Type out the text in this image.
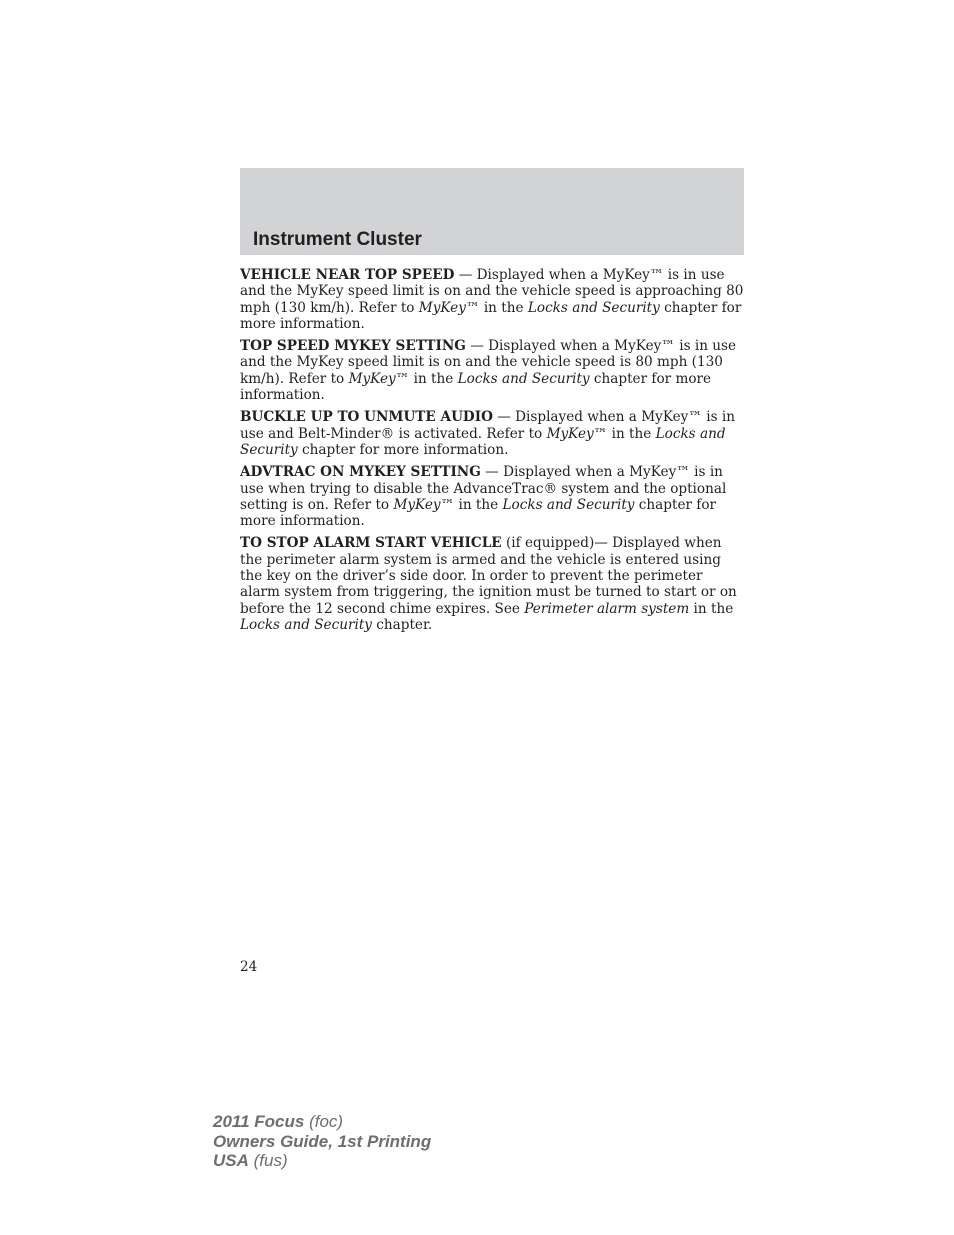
Instrument Cluster

VEHICLE NEAR TOP SPEED — Displayed when a MyKey™ is in use and the MyKey speed limit is on and the vehicle speed is approaching 80 mph (130 km/h). Refer to MyKey™ in the Locks and Security chapter for more information.

TOP SPEED MYKEY SETTING — Displayed when a MyKey™ is in use and the MyKey speed limit is on and the vehicle speed is 80 mph (130 km/h). Refer to MyKey™ in the Locks and Security chapter for more information.

BUCKLE UP TO UNMUTE AUDIO — Displayed when a MyKey™ is in use and Belt-Minder® is activated. Refer to MyKey™ in the Locks and Security chapter for more information.

ADVTRAC ON MYKEY SETTING — Displayed when a MyKey™ is in use when trying to disable the AdvanceTrac® system and the optional setting is on. Refer to MyKey™ in the Locks and Security chapter for more information.

TO STOP ALARM START VEHICLE (if equipped)— Displayed when the perimeter alarm system is armed and the vehicle is entered using the key on the driver’s side door. In order to prevent the perimeter alarm system from triggering, the ignition must be turned to start or on before the 12 second chime expires. See Perimeter alarm system in the Locks and Security chapter.

24
2011 Focus (foc)
Owners Guide, 1st Printing
USA (fus)
